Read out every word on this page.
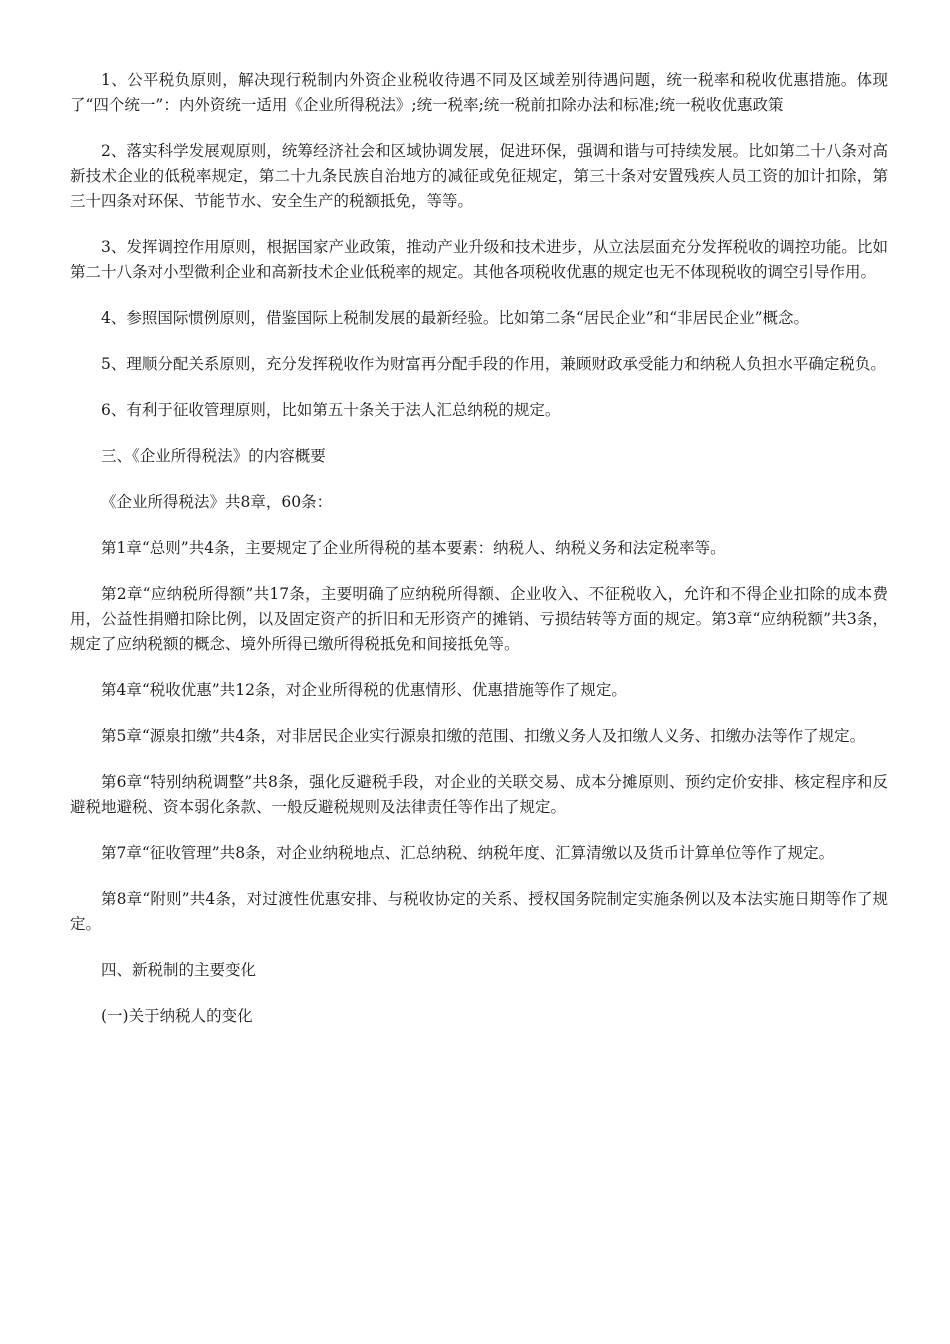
1、公平税负原则，解决现行税制内外资企业税收待遇不同及区域差别待遇问题，统一税率和税收优惠措施。体现了“四个统一”：内外资统一适用《企业所得税法》;统一税率;统一税前扣除办法和标准;统一税收优惠政策

2、落实科学发展观原则，统筹经济社会和区域协调发展，促进环保，强调和谐与可持续发展。比如第二十八条对高新技术企业的低税率规定，第二十九条民族自治地方的减征或免征规定，第三十条对安置残疾人员工资的加计扣除，第三十四条对环保、节能节水、安全生产的税额抵免，等等。

3、发挥调控作用原则，根据国家产业政策，推动产业升级和技术进步，从立法层面充分发挥税收的调控功能。比如第二十八条对小型微利企业和高新技术企业低税率的规定。其他各项税收优惠的规定也无不体现税收的调空引导作用。

4、参照国际惯例原则，借鉴国际上税制发展的最新经验。比如第二条“居民企业”和“非居民企业”概念。

5、理顺分配关系原则，充分发挥税收作为财富再分配手段的作用，兼顾财政承受能力和纳税人负担水平确定税负。

6、有利于征收管理原则，比如第五十条关于法人汇总纳税的规定。

三、《企业所得税法》的内容概要

《企业所得税法》共8章，60条：

第1章“总则”共4条，主要规定了企业所得税的基本要素：纳税人、纳税义务和法定税率等。

第2章“应纳税所得额”共17条，主要明确了应纳税所得额、企业收入、不征税收入，允许和不得企业扣除的成本费用，公益性捐赠扣除比例，以及固定资产的折旧和无形资产的摊销、亏损结转等方面的规定。第3章“应纳税额”共3条，规定了应纳税额的概念、境外所得已缴所得税抵免和间接抵免等。

第4章“税收优惠”共12条，对企业所得税的优惠情形、优惠措施等作了规定。

第5章“源泉扣缴”共4条，对非居民企业实行源泉扣缴的范围、扣缴义务人及扣缴人义务、扣缴办法等作了规定。

第6章“特别纳税调整”共8条，强化反避税手段，对企业的关联交易、成本分摊原则、预约定价安排、核定程序和反避税地避税、资本弱化条款、一般反避税规则及法律责任等作出了规定。

第7章“征收管理”共8条，对企业纳税地点、汇总纳税、纳税年度、汇算清缴以及货币计算单位等作了规定。

第8章“附则”共4条，对过渡性优惠安排、与税收协定的关系、授权国务院制定实施条例以及本法实施日期等作了规定。

四、新税制的主要变化

(一)关于纳税人的变化
